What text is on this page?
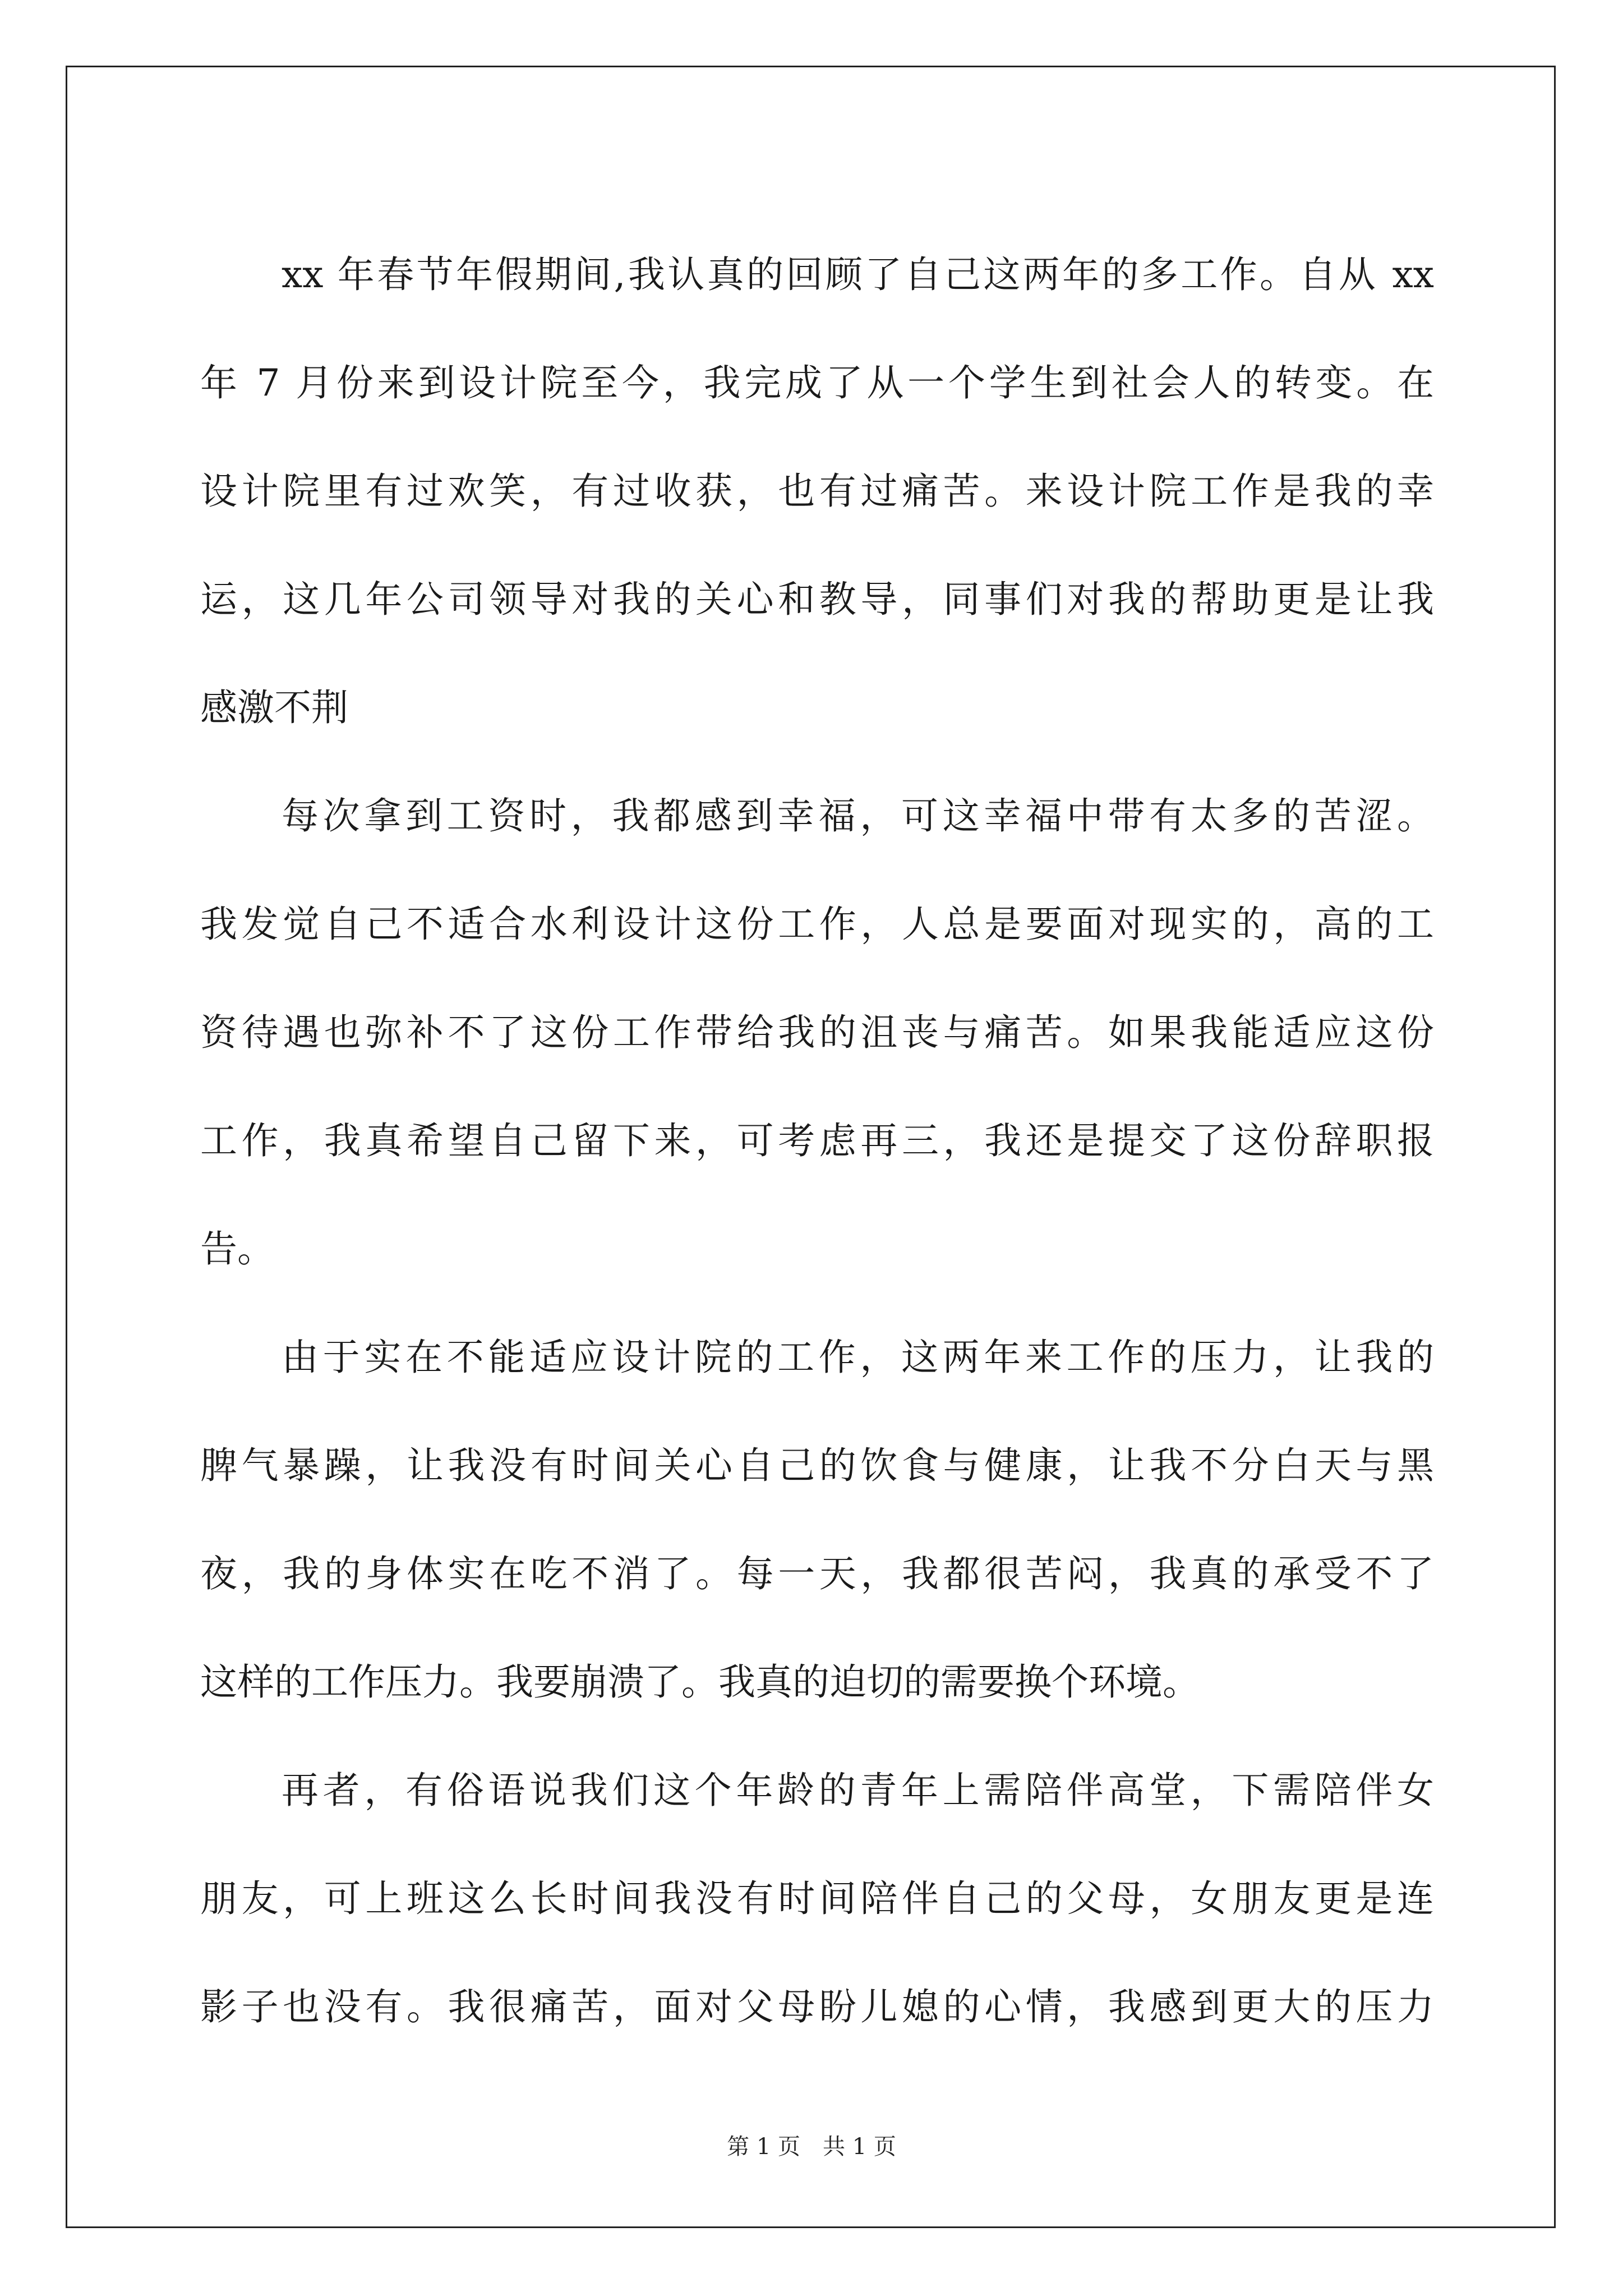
xx 年春节年假期间,我认真的回顾了自己这两年的多工作。自从 xx
年 7 月份来到设计院至今，我完成了从一个学生到社会人的转变。在
设计院里有过欢笑，有过收获，也有过痛苦。来设计院工作是我的幸
运，这几年公司领导对我的关心和教导，同事们对我的帮助更是让我
感激不荆
每次拿到工资时，我都感到幸福，可这幸福中带有太多的苦涩。
我发觉自己不适合水利设计这份工作，人总是要面对现实的，高的工
资待遇也弥补不了这份工作带给我的沮丧与痛苦。如果我能适应这份
工作，我真希望自己留下来，可考虑再三，我还是提交了这份辞职报
告。
由于实在不能适应设计院的工作，这两年来工作的压力，让我的
脾气暴躁，让我没有时间关心自己的饮食与健康，让我不分白天与黑
夜，我的身体实在吃不消了。每一天，我都很苦闷，我真的承受不了
这样的工作压力。我要崩溃了。我真的迫切的需要换个环境。
再者，有俗语说我们这个年龄的青年上需陪伴高堂，下需陪伴女
朋友，可上班这么长时间我没有时间陪伴自己的父母，女朋友更是连
影子也没有。我很痛苦，面对父母盼儿媳的心情，我感到更大的压力
第 1 页　共 1 页
